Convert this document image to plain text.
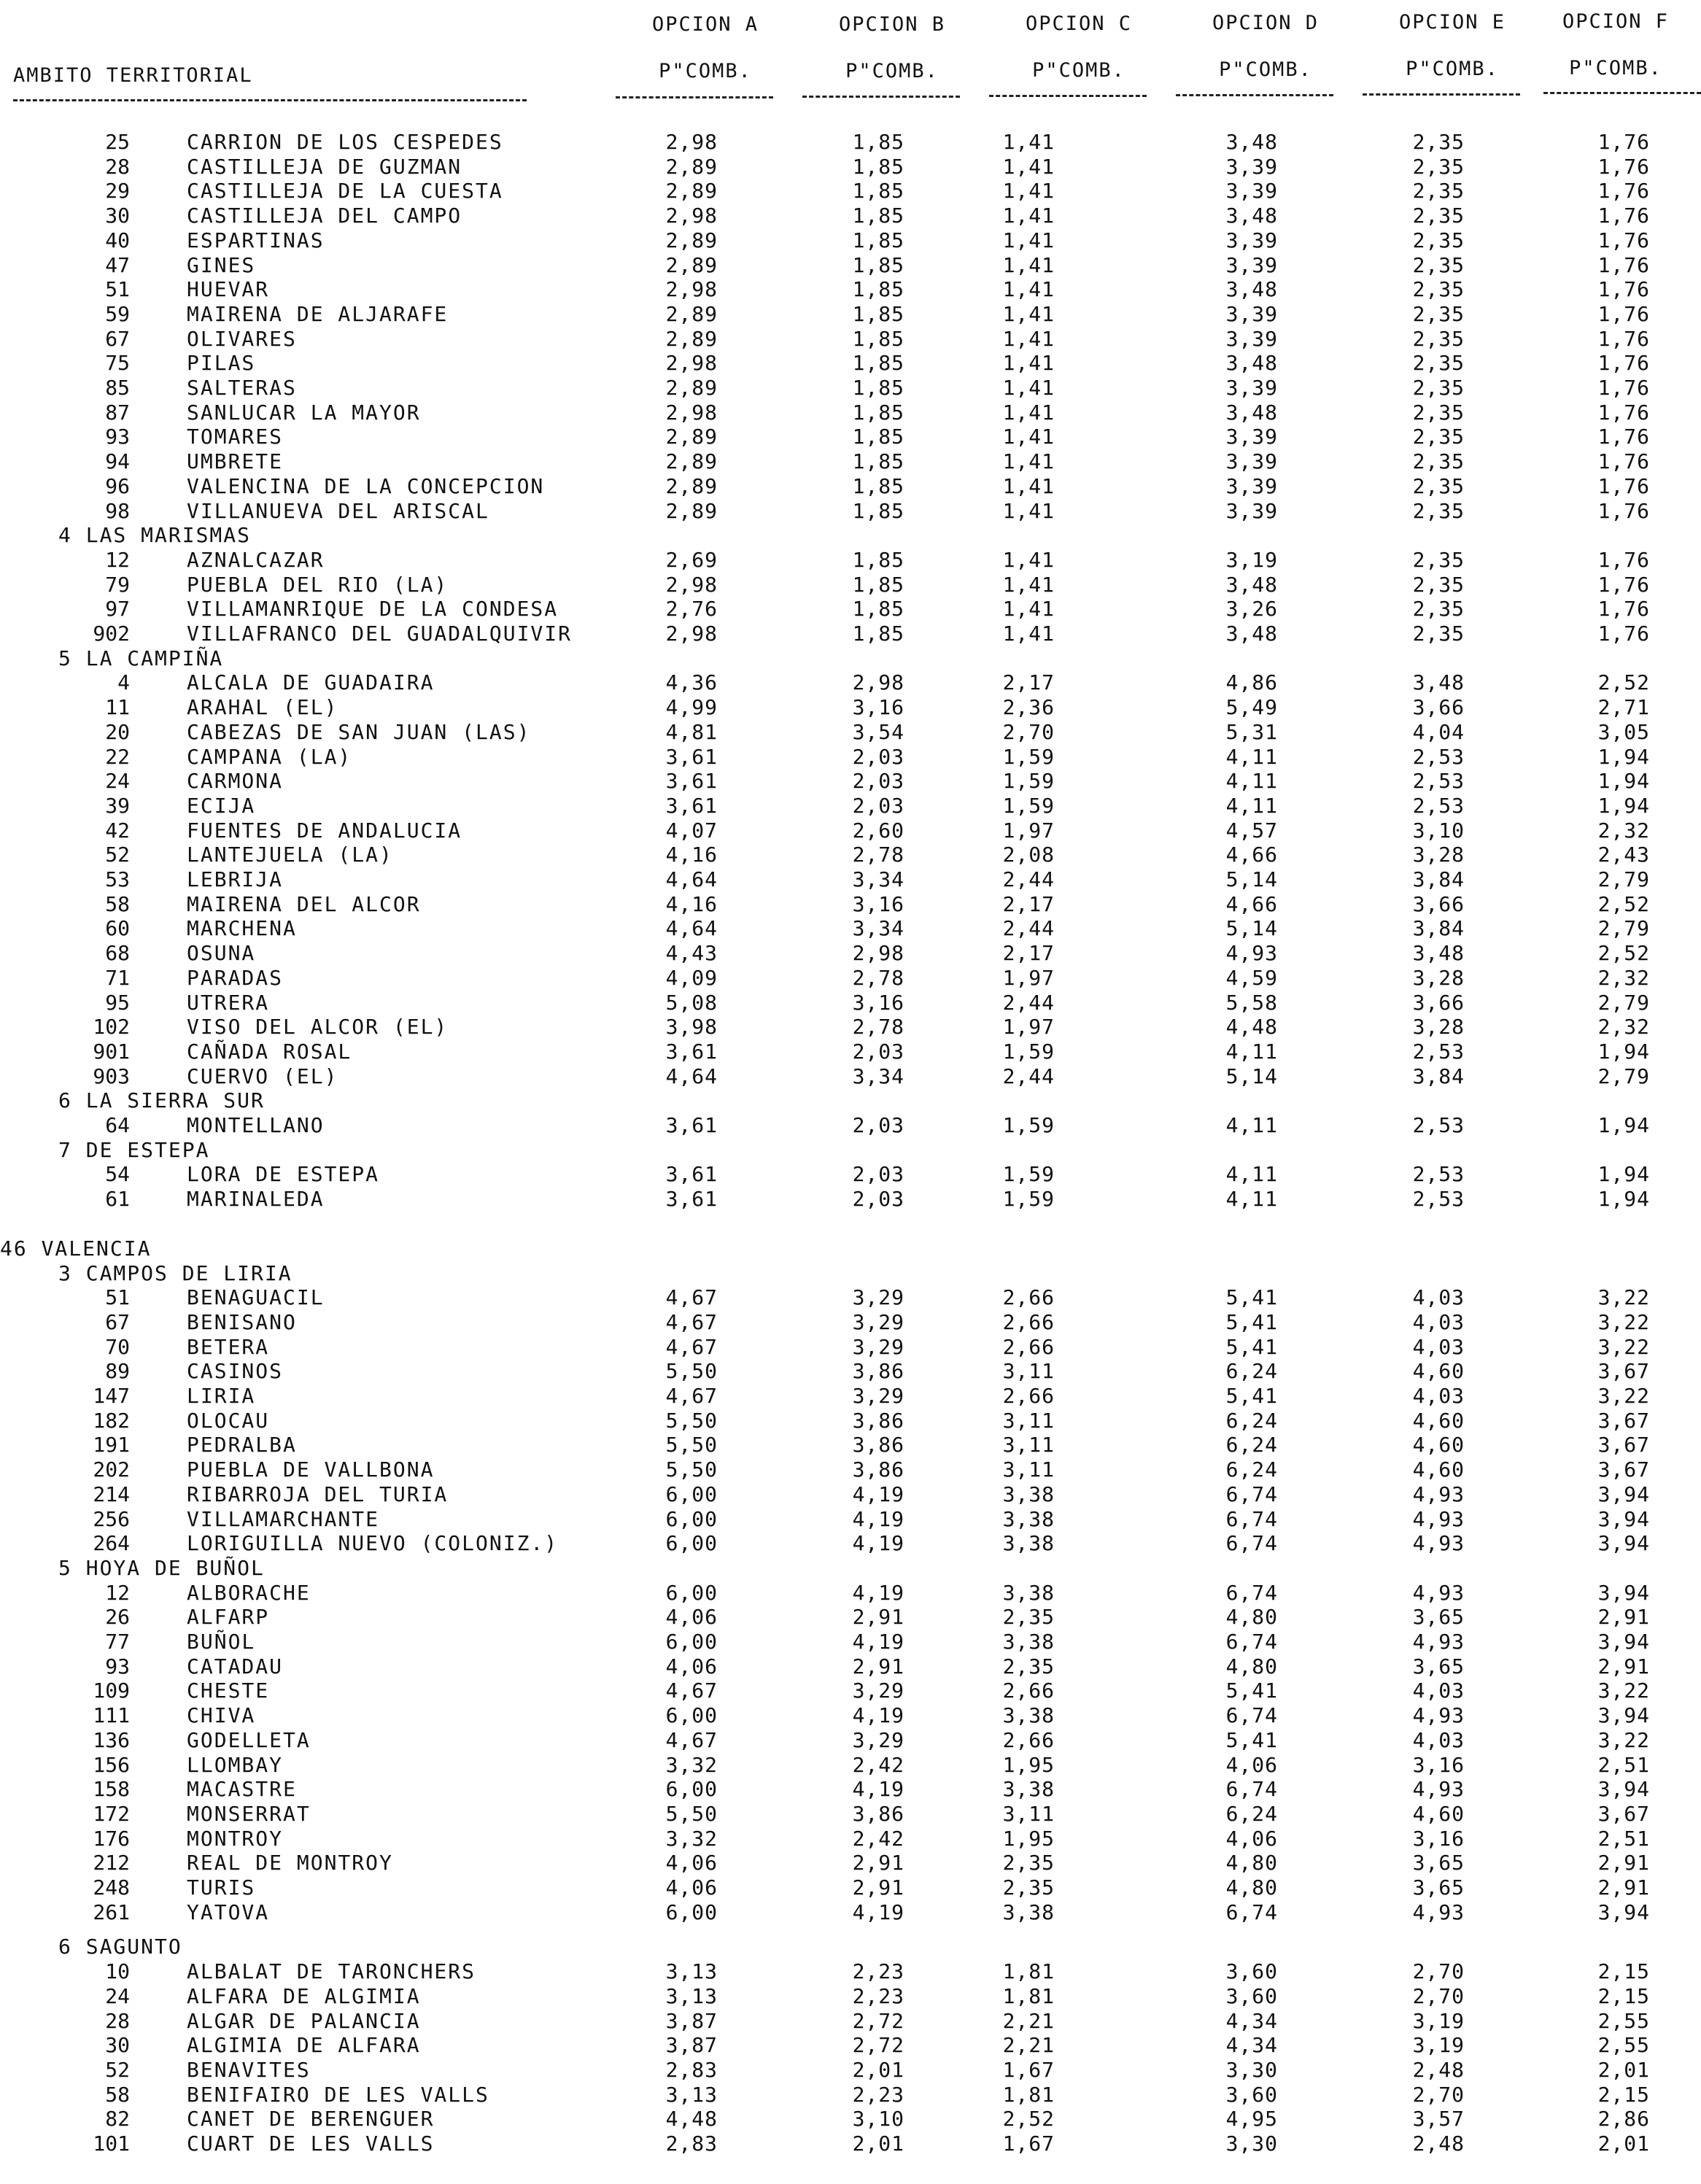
OPCION A	OPCION B	OPCION C	OPCION D	OPCION E	OPCION F
AMBITO TERRITORIAL	P"COMB.	P"COMB.	P"COMB.	P"COMB.	P"COMB.	P"COMB.
25	CARRION DE LOS CESPEDES	2,98	1,85	1,41	3,48	2,35	1,76
28	CASTILLEJA DE GUZMAN	2,89	1,85	1,41	3,39	2,35	1,76
29	CASTILLEJA DE LA CUESTA	2,89	1,85	1,41	3,39	2,35	1,76
30	CASTILLEJA DEL CAMPO	2,98	1,85	1,41	3,48	2,35	1,76
40	ESPARTINAS	2,89	1,85	1,41	3,39	2,35	1,76
47	GINES	2,89	1,85	1,41	3,39	2,35	1,76
51	HUEVAR	2,98	1,85	1,41	3,48	2,35	1,76
59	MAIRENA DE ALJARAFE	2,89	1,85	1,41	3,39	2,35	1,76
67	OLIVARES	2,89	1,85	1,41	3,39	2,35	1,76
75	PILAS	2,98	1,85	1,41	3,48	2,35	1,76
85	SALTERAS	2,89	1,85	1,41	3,39	2,35	1,76
87	SANLUCAR LA MAYOR	2,98	1,85	1,41	3,48	2,35	1,76
93	TOMARES	2,89	1,85	1,41	3,39	2,35	1,76
94	UMBRETE	2,89	1,85	1,41	3,39	2,35	1,76
96	VALENCINA DE LA CONCEPCION	2,89	1,85	1,41	3,39	2,35	1,76
98	VILLANUEVA DEL ARISCAL	2,89	1,85	1,41	3,39	2,35	1,76
4 LAS MARISMAS
12	AZNALCAZAR	2,69	1,85	1,41	3,19	2,35	1,76
79	PUEBLA DEL RIO (LA)	2,98	1,85	1,41	3,48	2,35	1,76
97	VILLAMANRIQUE DE LA CONDESA	2,76	1,85	1,41	3,26	2,35	1,76
902	VILLAFRANCO DEL GUADALQUIVIR	2,98	1,85	1,41	3,48	2,35	1,76
5 LA CAMPIÑA
4	ALCALA DE GUADAIRA	4,36	2,98	2,17	4,86	3,48	2,52
11	ARAHAL (EL)	4,99	3,16	2,36	5,49	3,66	2,71
20	CABEZAS DE SAN JUAN (LAS)	4,81	3,54	2,70	5,31	4,04	3,05
22	CAMPANA (LA)	3,61	2,03	1,59	4,11	2,53	1,94
24	CARMONA	3,61	2,03	1,59	4,11	2,53	1,94
39	ECIJA	3,61	2,03	1,59	4,11	2,53	1,94
42	FUENTES DE ANDALUCIA	4,07	2,60	1,97	4,57	3,10	2,32
52	LANTEJUELA (LA)	4,16	2,78	2,08	4,66	3,28	2,43
53	LEBRIJA	4,64	3,34	2,44	5,14	3,84	2,79
58	MAIRENA DEL ALCOR	4,16	3,16	2,17	4,66	3,66	2,52
60	MARCHENA	4,64	3,34	2,44	5,14	3,84	2,79
68	OSUNA	4,43	2,98	2,17	4,93	3,48	2,52
71	PARADAS	4,09	2,78	1,97	4,59	3,28	2,32
95	UTRERA	5,08	3,16	2,44	5,58	3,66	2,79
102	VISO DEL ALCOR (EL)	3,98	2,78	1,97	4,48	3,28	2,32
901	CAÑADA ROSAL	3,61	2,03	1,59	4,11	2,53	1,94
903	CUERVO (EL)	4,64	3,34	2,44	5,14	3,84	2,79
6 LA SIERRA SUR
64	MONTELLANO	3,61	2,03	1,59	4,11	2,53	1,94
7 DE ESTEPA
54	LORA DE ESTEPA	3,61	2,03	1,59	4,11	2,53	1,94
61	MARINALEDA	3,61	2,03	1,59	4,11	2,53	1,94
46 VALENCIA
3 CAMPOS DE LIRIA
51	BENAGUACIL	4,67	3,29	2,66	5,41	4,03	3,22
67	BENISANO	4,67	3,29	2,66	5,41	4,03	3,22
70	BETERA	4,67	3,29	2,66	5,41	4,03	3,22
89	CASINOS	5,50	3,86	3,11	6,24	4,60	3,67
147	LIRIA	4,67	3,29	2,66	5,41	4,03	3,22
182	OLOCAU	5,50	3,86	3,11	6,24	4,60	3,67
191	PEDRALBA	5,50	3,86	3,11	6,24	4,60	3,67
202	PUEBLA DE VALLBONA	5,50	3,86	3,11	6,24	4,60	3,67
214	RIBARROJA DEL TURIA	6,00	4,19	3,38	6,74	4,93	3,94
256	VILLAMARCHANTE	6,00	4,19	3,38	6,74	4,93	3,94
264	LORIGUILLA NUEVO (COLONIZ.)	6,00	4,19	3,38	6,74	4,93	3,94
5 HOYA DE BUÑOL
12	ALBORACHE	6,00	4,19	3,38	6,74	4,93	3,94
26	ALFARP	4,06	2,91	2,35	4,80	3,65	2,91
77	BUÑOL	6,00	4,19	3,38	6,74	4,93	3,94
93	CATADAU	4,06	2,91	2,35	4,80	3,65	2,91
109	CHESTE	4,67	3,29	2,66	5,41	4,03	3,22
111	CHIVA	6,00	4,19	3,38	6,74	4,93	3,94
136	GODELLETA	4,67	3,29	2,66	5,41	4,03	3,22
156	LLOMBAY	3,32	2,42	1,95	4,06	3,16	2,51
158	MACASTRE	6,00	4,19	3,38	6,74	4,93	3,94
172	MONSERRAT	5,50	3,86	3,11	6,24	4,60	3,67
176	MONTROY	3,32	2,42	1,95	4,06	3,16	2,51
212	REAL DE MONTROY	4,06	2,91	2,35	4,80	3,65	2,91
248	TURIS	4,06	2,91	2,35	4,80	3,65	2,91
261	YATOVA	6,00	4,19	3,38	6,74	4,93	3,94
6 SAGUNTO
10	ALBALAT DE TARONCHERS	3,13	2,23	1,81	3,60	2,70	2,15
24	ALFARA DE ALGIMIA	3,13	2,23	1,81	3,60	2,70	2,15
28	ALGAR DE PALANCIA	3,87	2,72	2,21	4,34	3,19	2,55
30	ALGIMIA DE ALFARA	3,87	2,72	2,21	4,34	3,19	2,55
52	BENAVITES	2,83	2,01	1,67	3,30	2,48	2,01
58	BENIFAIRO DE LES VALLS	3,13	2,23	1,81	3,60	2,70	2,15
82	CANET DE BERENGUER	4,48	3,10	2,52	4,95	3,57	2,86
101	CUART DE LES VALLS	2,83	2,01	1,67	3,30	2,48	2,01
